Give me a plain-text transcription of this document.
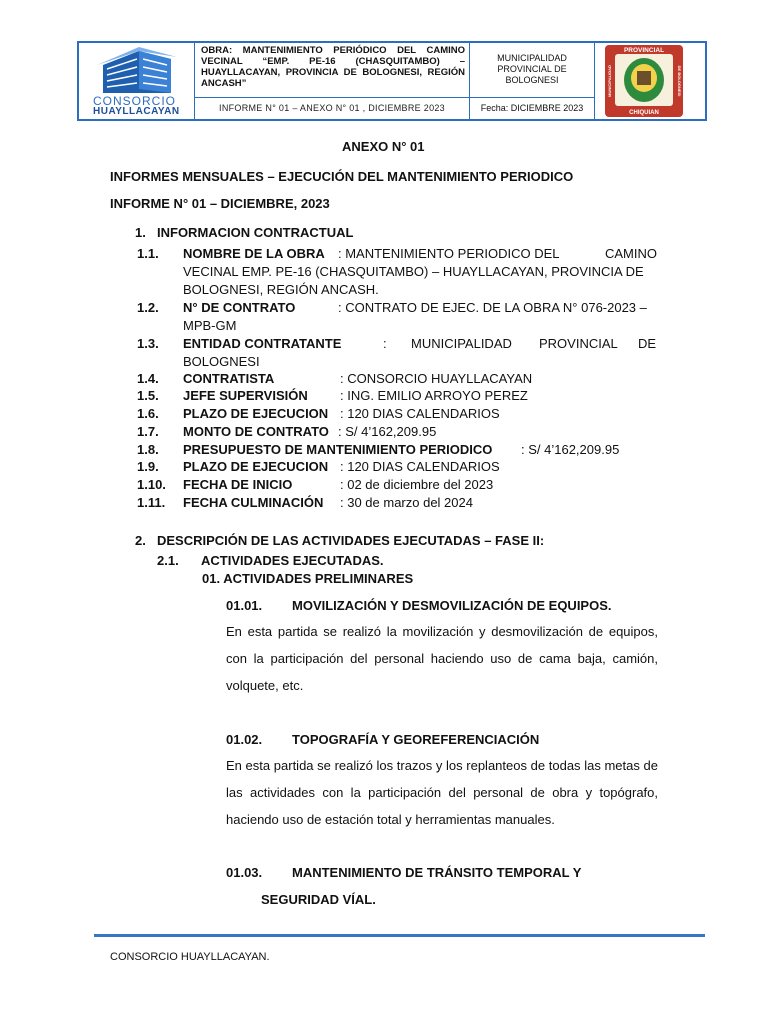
CONSORCIO
HUAYLLACAYAN
OBRA: MANTENIMIENTO PERIÓDICO DEL CAMINO VECINAL “EMP. PE-16 (CHASQUITAMBO) – HUAYLLACAYAN, PROVINCIA DE BOLOGNESI, REGIÓN ANCASH”
INFORME N° 01 – ANEXO N° 01 , DICIEMBRE 2023
MUNICIPALIDAD PROVINCIAL DE BOLOGNESI
Fecha: DICIEMBRE 2023
PROVINCIAL
CHIQUIAN
MUNICIPALIDAD	DE BOLOGNESI
ANEXO N° 01
INFORMES MENSUALES – EJECUCIÓN DEL MANTENIMIENTO PERIODICO
INFORME N° 01 – DICIEMBRE, 2023
1. INFORMACION CONTRACTUAL
1.1. NOMBRE DE LA OBRA : MANTENIMIENTO PERIODICO DEL	CAMINO
VECINAL EMP. PE-16 (CHASQUITAMBO) – HUAYLLACAYAN, PROVINCIA DE
BOLOGNESI, REGIÓN ANCASH.
1.2. N° DE CONTRATO	: CONTRATO DE EJEC. DE LA OBRA N° 076-2023 –
MPB-GM
1.3. ENTIDAD CONTRATANTE	: MUNICIPALIDAD PROVINCIAL DE
BOLOGNESI
1.4. CONTRATISTA	: CONSORCIO HUAYLLACAYAN
1.5. JEFE SUPERVISIÓN : ING. EMILIO ARROYO PEREZ
1.6. PLAZO DE EJECUCION : 120 DIAS CALENDARIOS
1.7. MONTO DE CONTRATO : S/ 4’162,209.95
1.8. PRESUPUESTO DE MANTENIMIENTO PERIODICO : S/ 4’162,209.95
1.9. PLAZO DE EJECUCION : 120 DIAS CALENDARIOS
1.10. FECHA DE INICIO	: 02 de diciembre del 2023
1.11. FECHA CULMINACIÓN : 30 de marzo del 2024
2. DESCRIPCIÓN DE LAS ACTIVIDADES EJECUTADAS – FASE II:
2.1. ACTIVIDADES EJECUTADAS.
01. ACTIVIDADES PRELIMINARES
01.01. MOVILIZACIÓN Y DESMOVILIZACIÓN DE EQUIPOS.
En esta partida se realizó la movilización y desmovilización de equipos, con la participación del personal haciendo uso de cama baja, camión, volquete, etc.
01.02. TOPOGRAFÍA Y GEOREFERENCIACIÓN
En esta partida se realizó los trazos y los replanteos de todas las metas de las actividades con la participación del personal de obra y topógrafo, haciendo uso de estación total y herramientas manuales.
01.03. MANTENIMIENTO DE TRÁNSITO TEMPORAL Y
SEGURIDAD VÍAL.
CONSORCIO HUAYLLACAYAN.
